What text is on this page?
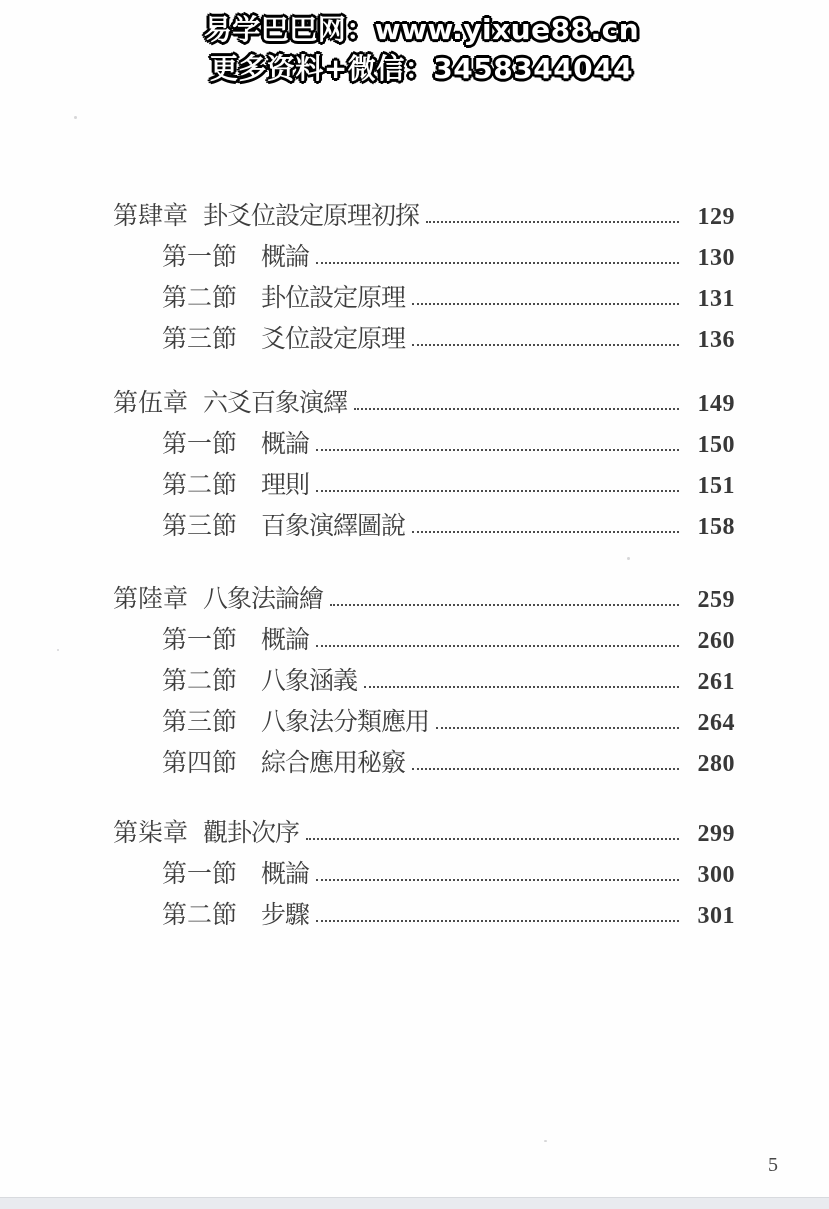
易学巴巴网：www.yixue88.cn
更多资料+微信：3458344044
第肆章 卦爻位設定原理初探	129
第一節 概論	130
第二節 卦位設定原理	131
第三節 爻位設定原理	136
第伍章 六爻百象演繹	149
第一節 概論	150
第二節 理則	151
第三節 百象演繹圖說	158
第陸章 八象法論繪	259
第一節 概論	260
第二節 八象涵義	261
第三節 八象法分類應用	264
第四節 綜合應用秘竅	280
第柒章 觀卦次序	299
第一節 概論	300
第二節 步驟	301
5
